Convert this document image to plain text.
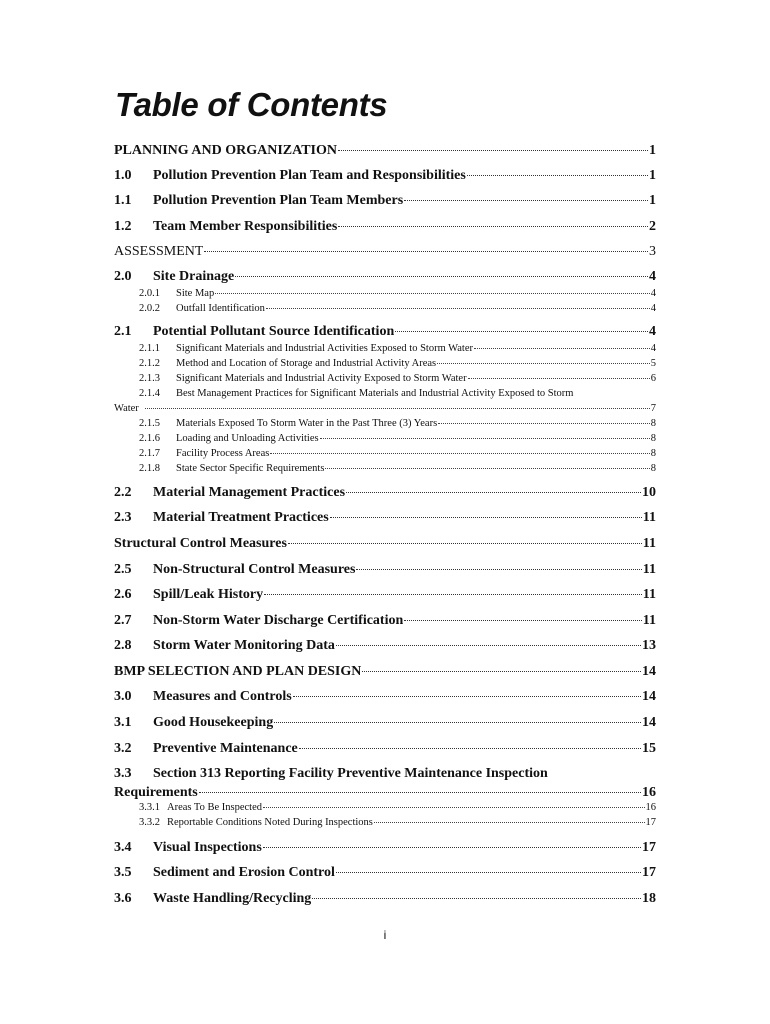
Table of Contents
PLANNING AND ORGANIZATION	1
1.0	Pollution Prevention Plan Team and Responsibilities	1
1.1	Pollution Prevention Plan Team Members	1
1.2	Team Member Responsibilities	2
ASSESSMENT	3
2.0	Site Drainage	4
2.0.1	Site Map	4
2.0.2	Outfall Identification	4
2.1	Potential Pollutant Source Identification	4
2.1.1	Significant Materials and Industrial Activities Exposed to Storm Water	4
2.1.2	Method and Location of Storage and Industrial Activity Areas	5
2.1.3	Significant Materials and Industrial Activity Exposed to Storm Water	6
2.1.4 Best Management Practices for Significant Materials and Industrial Activity Exposed to Storm
Water	7
2.1.5	Materials Exposed To Storm Water in the Past Three (3) Years	8
2.1.6	Loading and Unloading Activities	8
2.1.7	Facility Process Areas	8
2.1.8	State Sector Specific Requirements	8
2.2	Material Management Practices	10
2.3	Material Treatment Practices	11
Structural Control Measures	11
2.5	Non-Structural Control Measures	11
2.6	Spill/Leak History	11
2.7	Non-Storm Water Discharge Certification	11
2.8	Storm Water Monitoring Data	13
BMP SELECTION AND PLAN DESIGN	14
3.0	Measures and Controls	14
3.1	Good Housekeeping	14
3.2	Preventive Maintenance	15
3.3 Section 313 Reporting Facility Preventive Maintenance Inspection
Requirements	16
3.3.1 Areas To Be Inspected	16
3.3.2 Reportable Conditions Noted During Inspections	17
3.4	Visual Inspections	17
3.5	Sediment and Erosion Control	17
3.6	Waste Handling/Recycling	18
i
